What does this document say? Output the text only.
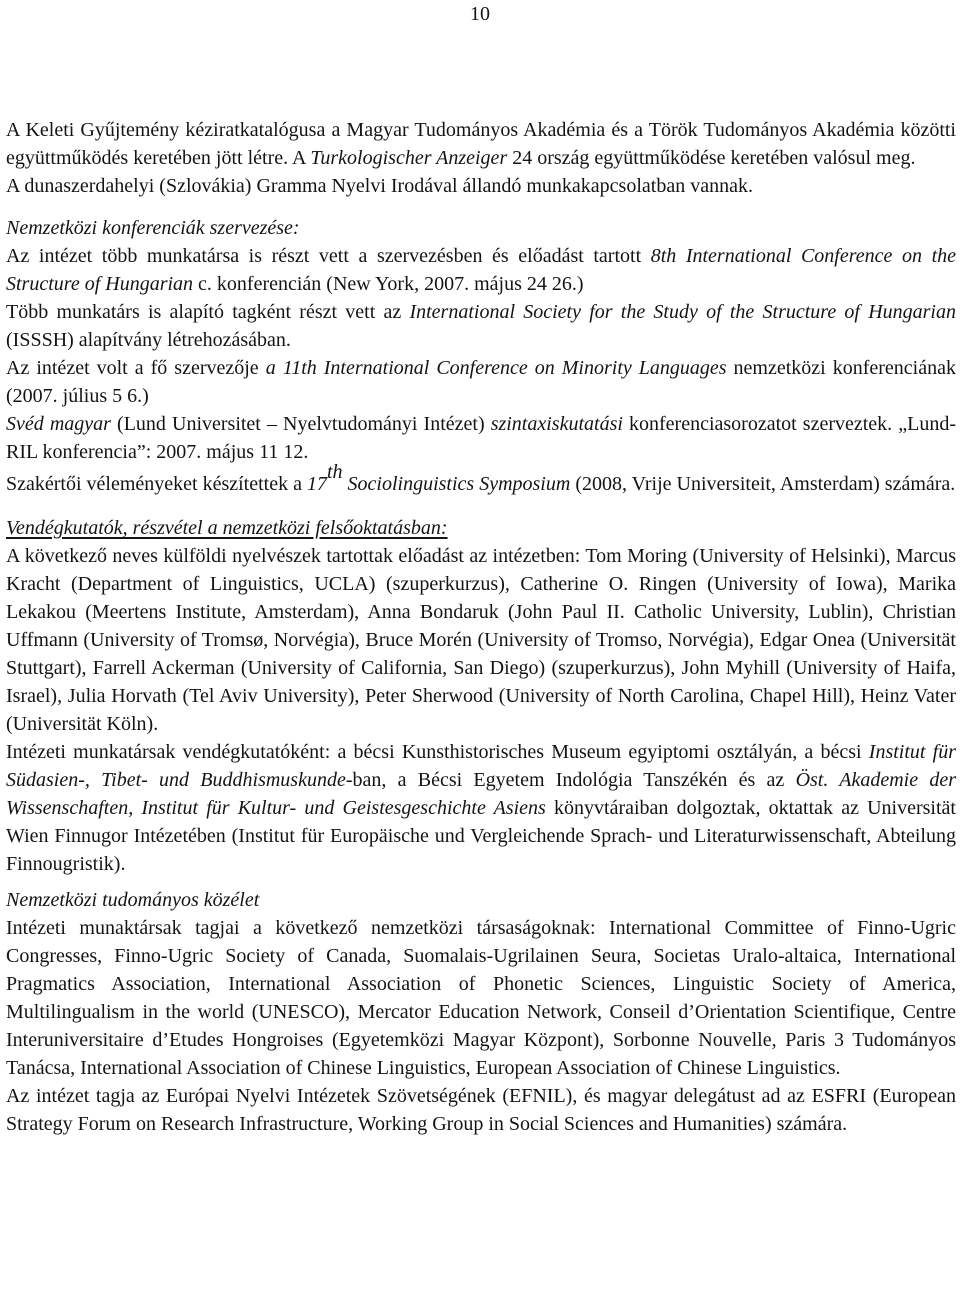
10

A Keleti Gyűjtemény kéziratkatalógusa a Magyar Tudományos Akadémia és a Török Tudományos Akadémia közötti együttműködés keretében jött létre. A Turkologischer Anzeiger 24 ország együttműködése keretében valósul meg.

A dunaszerdahelyi (Szlovákia) Gramma Nyelvi Irodával állandó munkakapcsolatban vannak.

Nemzetközi konferenciák szervezése:

Az intézet több munkatársa is részt vett a szervezésben és előadást tartott 8th International Conference on the Structure of Hungarian c. konferencián (New York, 2007. május 24 26.)

Több munkatárs is alapító tagként részt vett az International Society for the Study of the Structure of Hungarian (ISSSH) alapítvány létrehozásában.

Az intézet volt a fő szervezője a 11th International Conference on Minority Languages nemzetközi konferenciának (2007. július 5 6.)

Svéd magyar (Lund Universitet – Nyelvtudományi Intézet) szintaxiskutatási konferenciasorozatot szerveztek. „Lund-RIL konferencia”: 2007. május 11 12.

Szakértői véleményeket készítettek a 17th Sociolinguistics Symposium (2008, Vrije Universiteit, Amsterdam) számára.

Vendégkutatók, részvétel a nemzetközi felsőoktatásban:

A következő neves külföldi nyelvészek tartottak előadást az intézetben: Tom Moring (University of Helsinki), Marcus Kracht (Department of Linguistics, UCLA) (szuperkurzus), Catherine O. Ringen (University of Iowa), Marika Lekakou (Meertens Institute, Amsterdam), Anna Bondaruk (John Paul II. Catholic University, Lublin), Christian Uffmann (University of Tromsø, Norvégia), Bruce Morén (University of Tromso, Norvégia), Edgar Onea (Universität Stuttgart), Farrell Ackerman (University of California, San Diego) (szuperkurzus), John Myhill (University of Haifa, Israel), Julia Horvath (Tel Aviv University), Peter Sherwood (University of North Carolina, Chapel Hill), Heinz Vater (Universität Köln).

Intézeti munkatársak vendégkutatóként: a bécsi Kunsthistorisches Museum egyiptomi osztályán, a bécsi Institut für Südasien-, Tibet- und Buddhismuskunde-ban, a Bécsi Egyetem Indológia Tanszékén és az Öst. Akademie der Wissenschaften, Institut für Kultur- und Geistesgeschichte Asiens könyvtáraiban dolgoztak, oktattak az Universität Wien Finnugor Intézetében (Institut für Europäische und Vergleichende Sprach- und Literaturwissenschaft, Abteilung Finnougristik).

Nemzetközi tudományos közélet

Intézeti munaktársak tagjai a következő nemzetközi társaságoknak: International Committee of Finno-Ugric Congresses, Finno-Ugric Society of Canada, Suomalais-Ugrilainen Seura, Societas Uralo-altaica, International Pragmatics Association, International Association of Phonetic Sciences, Linguistic Society of America, Multilingualism in the world (UNESCO), Mercator Education Network, Conseil d’Orientation Scientifique, Centre Interuniversitaire d’Etudes Hongroises (Egyetemközi Magyar Központ), Sorbonne Nouvelle, Paris 3 Tudományos Tanácsa, International Association of Chinese Linguistics, European Association of Chinese Linguistics.

Az intézet tagja az Európai Nyelvi Intézetek Szövetségének (EFNIL), és magyar delegátust ad az ESFRI (European Strategy Forum on Research Infrastructure, Working Group in Social Sciences and Humanities) számára.
